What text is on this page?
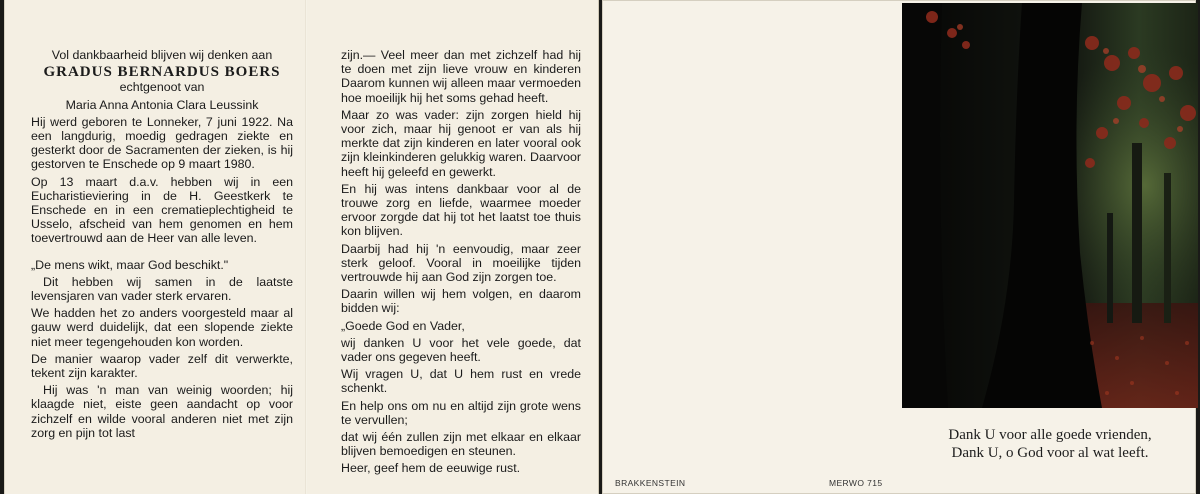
Vol dankbaarheid blijven wij denken aan

GRADUS BERNARDUS BOERS

echtgenoot van

Maria Anna Antonia Clara Leussink

Hij werd geboren te Lonneker, 7 juni 1922. Na een langdurig, moedig gedragen ziekte en gesterkt door de Sacramenten der zieken, is hij gestorven te Enschede op 9 maart 1980.

Op 13 maart d.a.v. hebben wij in een Eucharistieviering in de H. Geestkerk te Enschede en in een crematieplechtigheid te Usselo, afscheid van hem genomen en hem toevertrouwd aan de Heer van alle leven.

„De mens wikt, maar God beschikt."

Dit hebben wij samen in de laatste levensjaren van vader sterk ervaren.

We hadden het zo anders voorgesteld maar al gauw werd duidelijk, dat een slopende ziekte niet meer tegengehouden kon worden.

De manier waarop vader zelf dit verwerkte, tekent zijn karakter.

Hij was 'n man van weinig woorden; hij klaagde niet, eiste geen aandacht op voor zichzelf en wilde vooral anderen niet met zijn zorg en pijn tot last

zijn.— Veel meer dan met zichzelf had hij te doen met zijn lieve vrouw en kinderen Daarom kunnen wij alleen maar vermoeden hoe moeilijk hij het soms gehad heeft.

Maar zo was vader: zijn zorgen hield hij voor zich, maar hij genoot er van als hij merkte dat zijn kinderen en later vooral ook zijn kleinkinderen gelukkig waren. Daarvoor heeft hij geleefd en gewerkt.

En hij was intens dankbaar voor al de trouwe zorg en liefde, waarmee moeder ervoor zorgde dat hij tot het laatst toe thuis kon blijven.

Daarbij had hij 'n eenvoudig, maar zeer sterk geloof. Vooral in moeilijke tijden vertrouwde hij aan God zijn zorgen toe.

Daarin willen wij hem volgen, en daarom bidden wij:

„Goede God en Vader,

wij danken U voor het vele goede, dat vader ons gegeven heeft.

Wij vragen U, dat U hem rust en vrede schenkt.

En help ons om nu en altijd zijn grote wens te vervullen;

dat wij één zullen zijn met elkaar en elkaar blijven bemoedigen en steunen.

Heer, geef hem de eeuwige rust.

Dank U voor alle goede vrienden,
Dank U, o God voor al wat leeft.
BRAKKENSTEIN	MERWO 715
